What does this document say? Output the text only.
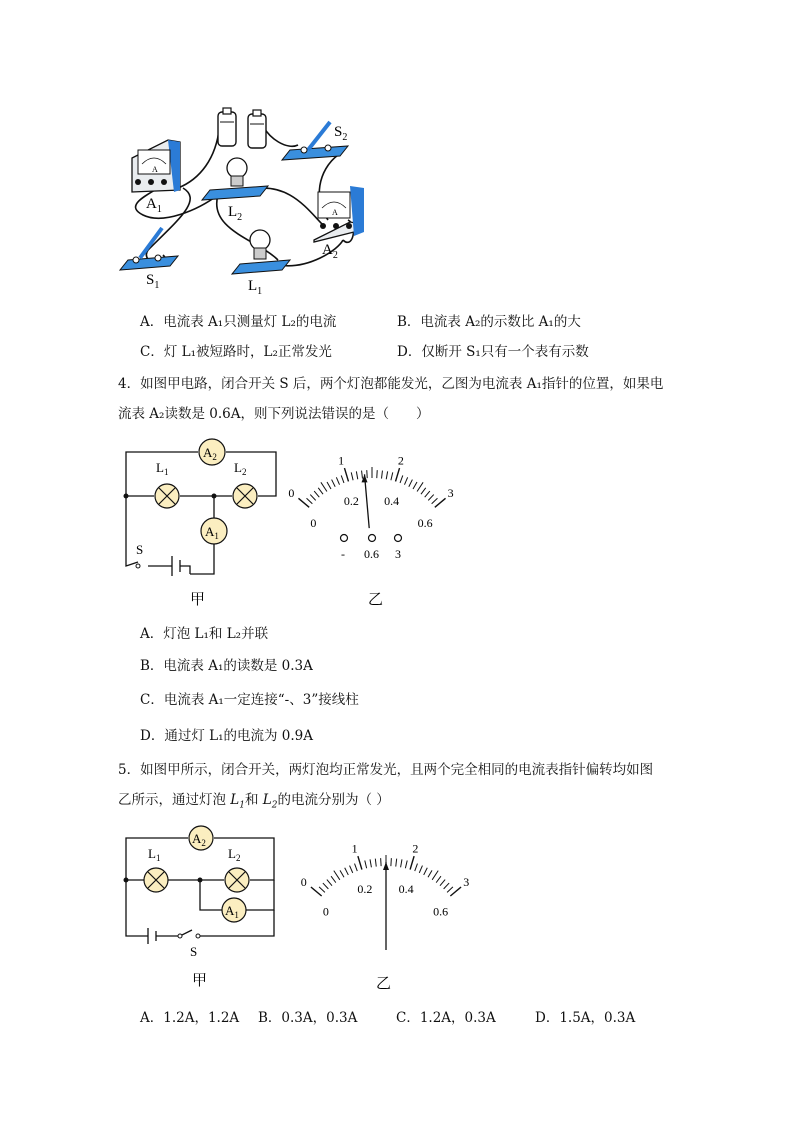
A
$A_1$	$L_2$
$S_2$
A
$A_2$
$S_1$	$L_1$
A．电流表 A₁只测量灯 L₂的电流	B．电流表 A₂的示数比 A₁的大
C．灯 L₁被短路时，L₂正常发光	D．仅断开 S₁只有一个表有示数
4．如图甲电路，闭合开关 S 后，两个灯泡都能发光，乙图为电流表 A₁指针的位置，如果电
流表 A₂读数是 0.6A，则下列说法错误的是（　　）
$A_2$
$L_1$	$L_2$
$A_1$
S
甲
0
1	2
3
0
0.2 0.4
0.6
- 0.6 3
乙
A．灯泡 L₁和 L₂并联
B．电流表 A₁的读数是 0.3A
C．电流表 A₁一定连接“-、3”接线柱
D．通过灯 L₁的电流为 0.9A
5．如图甲所示，闭合开关，两灯泡均正常发光，且两个完全相同的电流表指针偏转均如图
乙所示，通过灯泡 $L_1$和 $L_2$的电流分别为（ ）
$A_2$
$L_1$	$L_2$
$A_1$
S
甲
0
1	2
3
0
0.2 0.4
0.6
乙
A．1.2A，1.2A B．0.3A，0.3A	C．1.2A，0.3A	D．1.5A，0.3A
